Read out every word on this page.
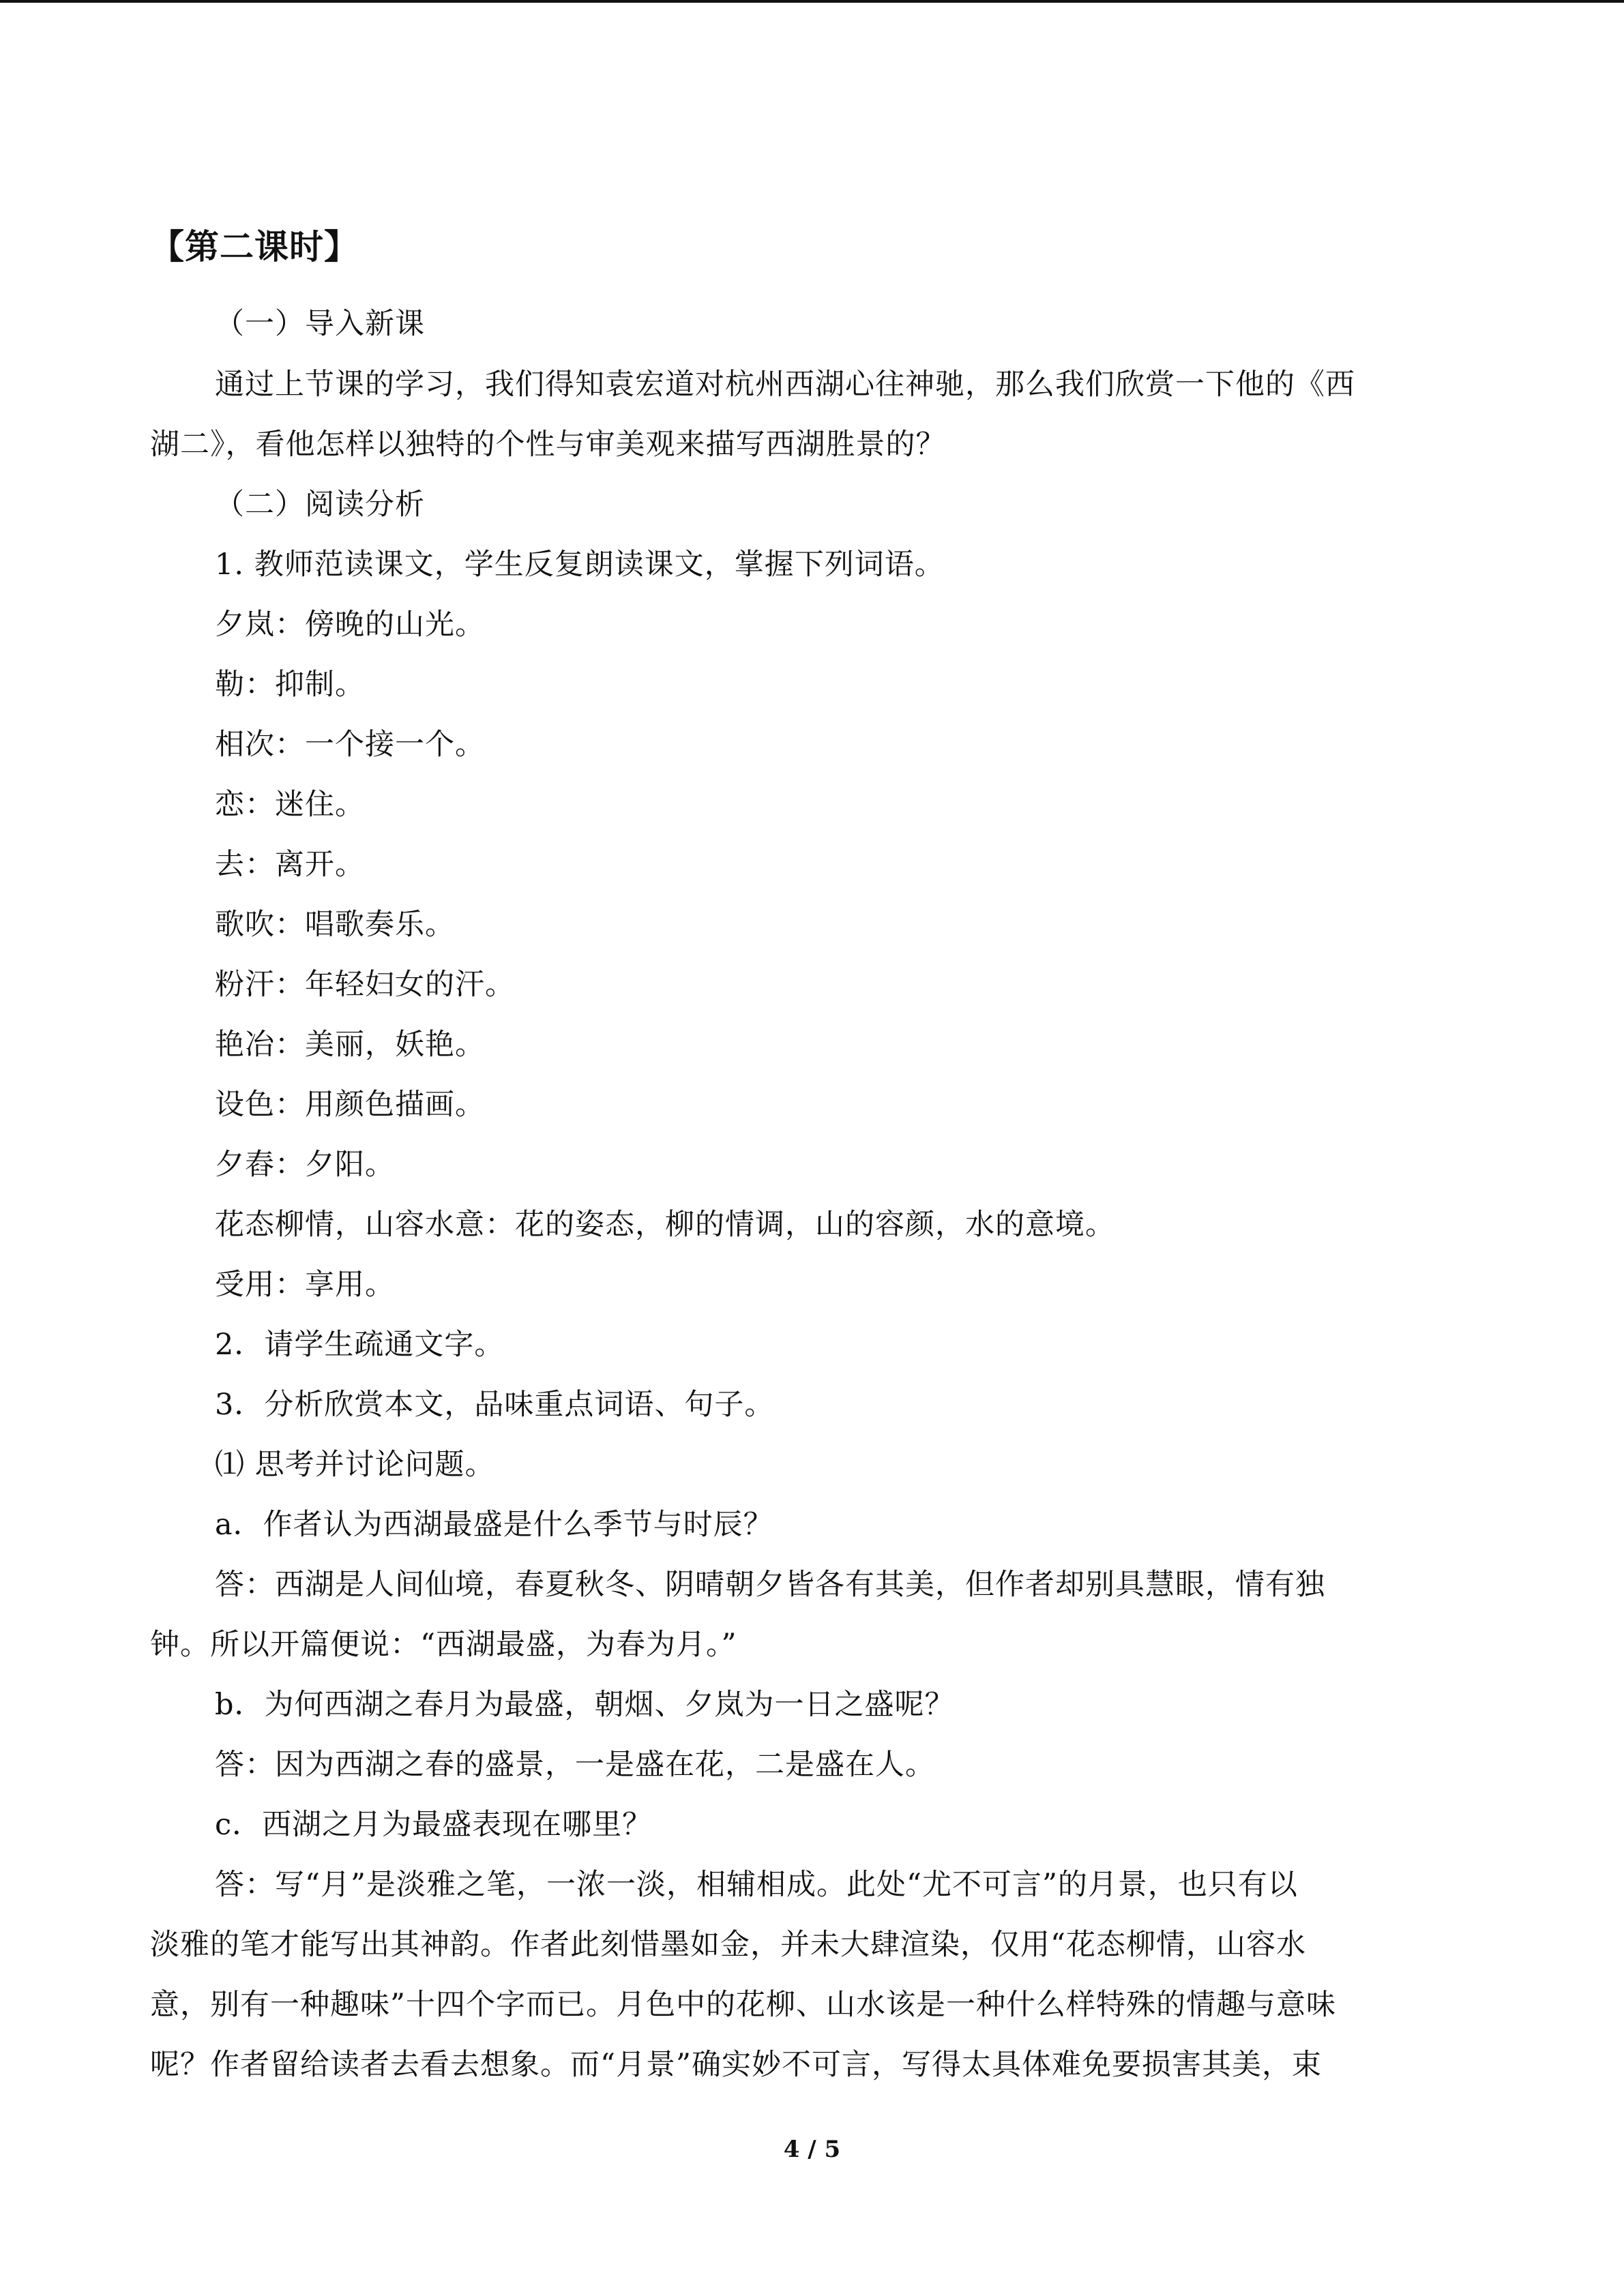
【第二课时】
（一）导入新课
通过上节课的学习，我们得知袁宏道对杭州西湖心往神驰，那么我们欣赏一下他的《西
湖二》，看他怎样以独特的个性与审美观来描写西湖胜景的？
（二）阅读分析
1. 教师范读课文，学生反复朗读课文，掌握下列词语。
夕岚：傍晚的山光。
勒：抑制。
相次：一个接一个。
恋：迷住。
去：离开。
歌吹：唱歌奏乐。
粉汗：年轻妇女的汗。
艳冶：美丽，妖艳。
设色：用颜色描画。
夕舂：夕阳。
花态柳情，山容水意：花的姿态，柳的情调，山的容颜，水的意境。
受用：享用。
2．请学生疏通文字。
3．分析欣赏本文，品味重点词语、句子。
⑴ 思考并讨论问题。
a．作者认为西湖最盛是什么季节与时辰？
答：西湖是人间仙境，春夏秋冬、阴晴朝夕皆各有其美，但作者却别具慧眼，情有独
钟。所以开篇便说：“西湖最盛，为春为月。”
b．为何西湖之春月为最盛，朝烟、夕岚为一日之盛呢？
答：因为西湖之春的盛景，一是盛在花，二是盛在人。
c．西湖之月为最盛表现在哪里？
答：写“月”是淡雅之笔，一浓一淡，相辅相成。此处“尤不可言”的月景，也只有以
淡雅的笔才能写出其神韵。作者此刻惜墨如金，并未大肆渲染，仅用“花态柳情，山容水
意，别有一种趣味”十四个字而已。月色中的花柳、山水该是一种什么样特殊的情趣与意味
呢？作者留给读者去看去想象。而“月景”确实妙不可言，写得太具体难免要损害其美，束
4 / 5
